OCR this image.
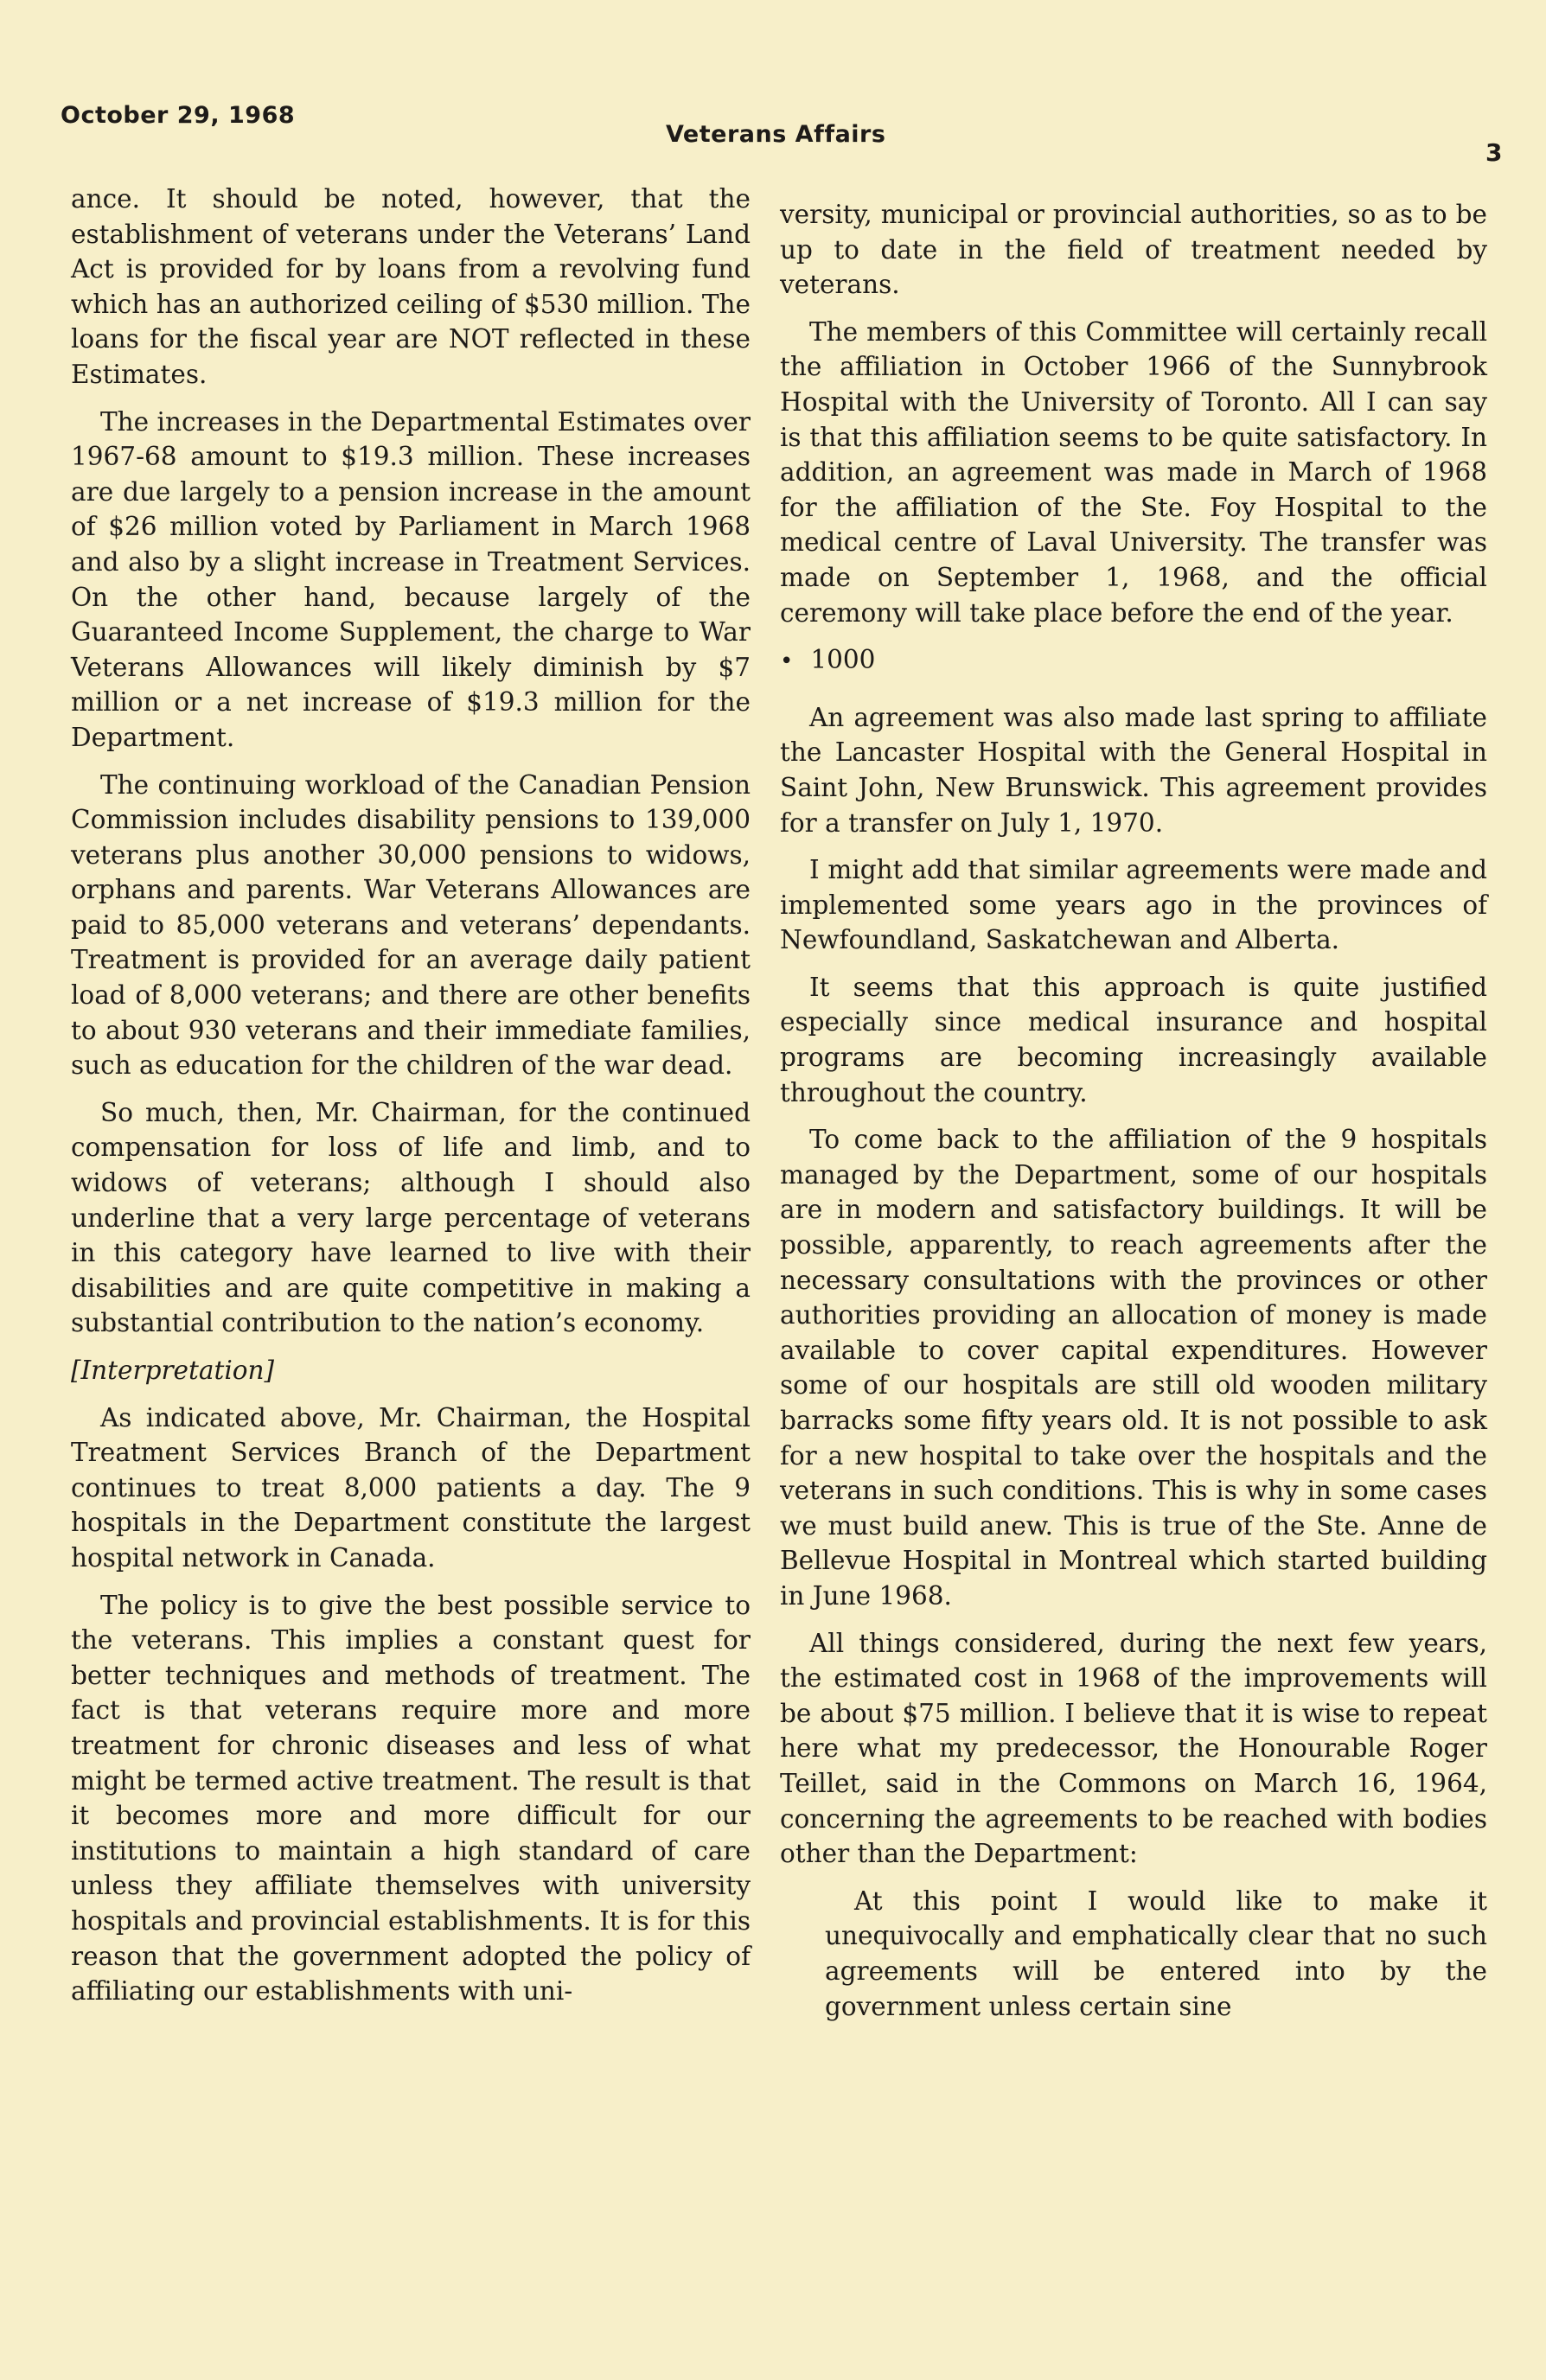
October 29, 1968
Veterans Affairs
3

ance. It should be noted, however, that the establishment of veterans under the Veterans’ Land Act is provided for by loans from a revolving fund which has an authorized ceiling of $530 million. The loans for the fiscal year are NOT reflected in these Estimates.

The increases in the Departmental Estimates over 1967-68 amount to $19.3 million. These increases are due largely to a pension increase in the amount of $26 million voted by Parliament in March 1968 and also by a slight increase in Treatment Services. On the other hand, because largely of the Guaranteed Income Supplement, the charge to War Veterans Allowances will likely diminish by $7 million or a net increase of $19.3 million for the Department.

The continuing workload of the Canadian Pension Commission includes disability pensions to 139,000 veterans plus another 30,000 pensions to widows, orphans and parents. War Veterans Allowances are paid to 85,000 veterans and veterans’ dependants. Treatment is provided for an average daily patient load of 8,000 veterans; and there are other benefits to about 930 veterans and their immediate families, such as education for the children of the war dead.

So much, then, Mr. Chairman, for the continued compensation for loss of life and limb, and to widows of veterans; although I should also underline that a very large percentage of veterans in this category have learned to live with their disabilities and are quite competitive in making a substantial contribution to the nation’s economy.

[Interpretation]

As indicated above, Mr. Chairman, the Hospital Treatment Services Branch of the Department continues to treat 8,000 patients a day. The 9 hospitals in the Department constitute the largest hospital network in Canada.

The policy is to give the best possible service to the veterans. This implies a constant quest for better techniques and methods of treatment. The fact is that veterans require more and more treatment for chronic diseases and less of what might be termed active treatment. The result is that it becomes more and more difficult for our institutions to maintain a high standard of care unless they affiliate themselves with university hospitals and provincial establishments. It is for this reason that the government adopted the policy of affiliating our establishments with uni-

versity, municipal or provincial authorities, so as to be up to date in the field of treatment needed by veterans.

The members of this Committee will certainly recall the affiliation in October 1966 of the Sunnybrook Hospital with the University of Toronto. All I can say is that this affiliation seems to be quite satisfactory. In addition, an agreement was made in March of 1968 for the affiliation of the Ste. Foy Hospital to the medical centre of Laval University. The transfer was made on September 1, 1968, and the official ceremony will take place before the end of the year.

• 1000

An agreement was also made last spring to affiliate the Lancaster Hospital with the General Hospital in Saint John, New Brunswick. This agreement provides for a transfer on July 1, 1970.

I might add that similar agreements were made and implemented some years ago in the provinces of Newfoundland, Saskatchewan and Alberta.

It seems that this approach is quite justified especially since medical insurance and hospital programs are becoming increasingly available throughout the country.

To come back to the affiliation of the 9 hospitals managed by the Department, some of our hospitals are in modern and satisfactory buildings. It will be possible, apparently, to reach agreements after the necessary consultations with the provinces or other authorities providing an allocation of money is made available to cover capital expenditures. However some of our hospitals are still old wooden military barracks some fifty years old. It is not possible to ask for a new hospital to take over the hospitals and the veterans in such conditions. This is why in some cases we must build anew. This is true of the Ste. Anne de Bellevue Hospital in Montreal which started building in June 1968.

All things considered, during the next few years, the estimated cost in 1968 of the improvements will be about $75 million. I believe that it is wise to repeat here what my predecessor, the Honourable Roger Teillet, said in the Commons on March 16, 1964, concerning the agreements to be reached with bodies other than the Department:

At this point I would like to make it unequivocally and emphatically clear that no such agreements will be entered into by the government unless certain sine
